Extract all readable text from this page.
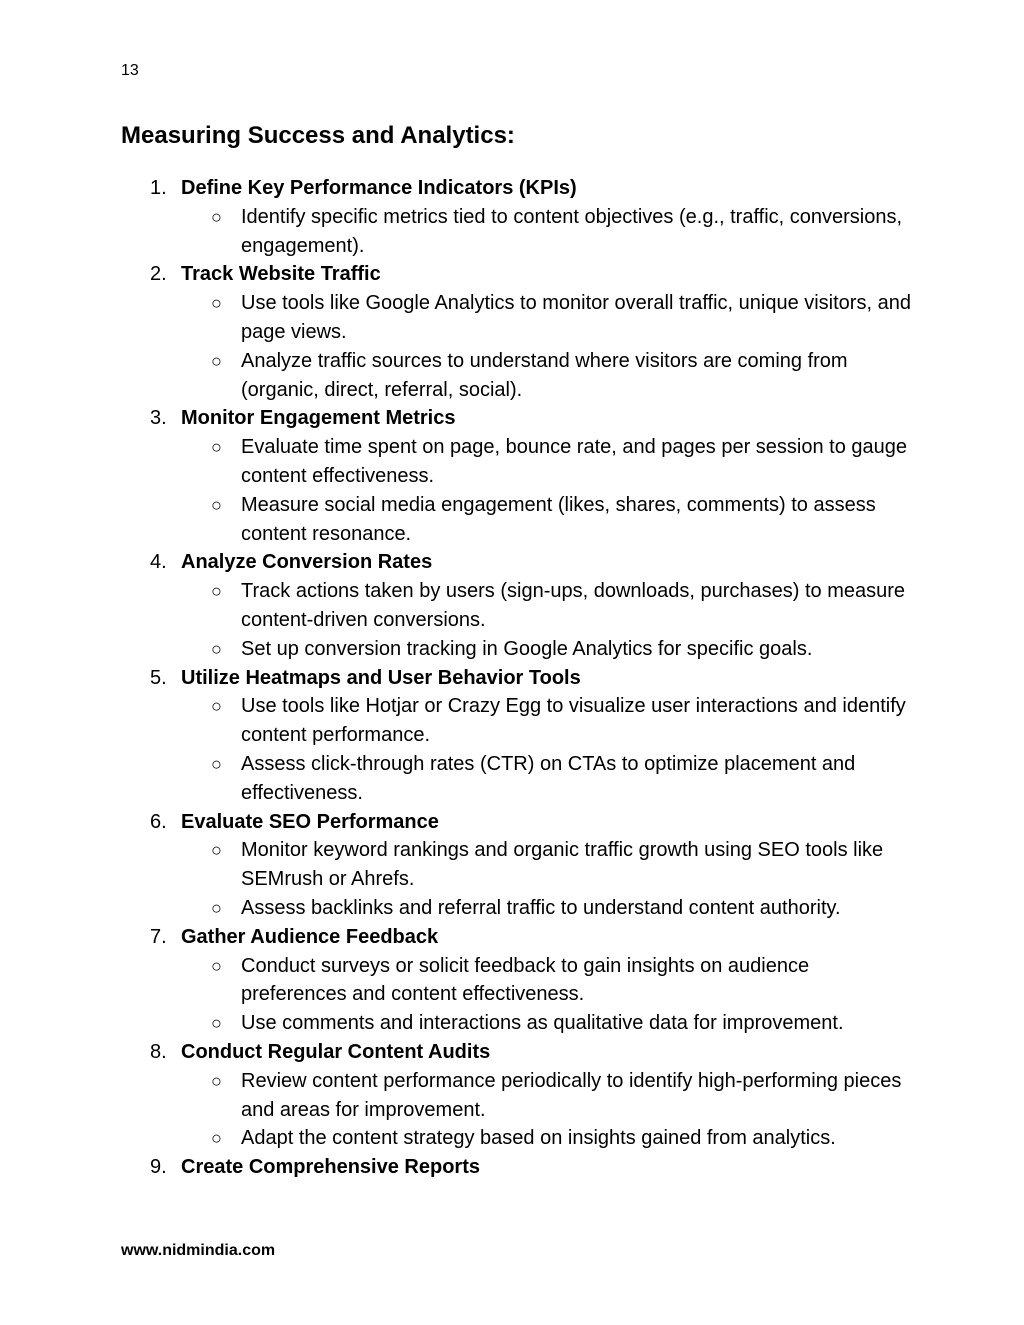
13
Measuring Success and Analytics:
1. Define Key Performance Indicators (KPIs)
○ Identify specific metrics tied to content objectives (e.g., traffic, conversions, engagement).
2. Track Website Traffic
○ Use tools like Google Analytics to monitor overall traffic, unique visitors, and page views.
○ Analyze traffic sources to understand where visitors are coming from (organic, direct, referral, social).
3. Monitor Engagement Metrics
○ Evaluate time spent on page, bounce rate, and pages per session to gauge content effectiveness.
○ Measure social media engagement (likes, shares, comments) to assess content resonance.
4. Analyze Conversion Rates
○ Track actions taken by users (sign-ups, downloads, purchases) to measure content-driven conversions.
○ Set up conversion tracking in Google Analytics for specific goals.
5. Utilize Heatmaps and User Behavior Tools
○ Use tools like Hotjar or Crazy Egg to visualize user interactions and identify content performance.
○ Assess click-through rates (CTR) on CTAs to optimize placement and effectiveness.
6. Evaluate SEO Performance
○ Monitor keyword rankings and organic traffic growth using SEO tools like SEMrush or Ahrefs.
○ Assess backlinks and referral traffic to understand content authority.
7. Gather Audience Feedback
○ Conduct surveys or solicit feedback to gain insights on audience preferences and content effectiveness.
○ Use comments and interactions as qualitative data for improvement.
8. Conduct Regular Content Audits
○ Review content performance periodically to identify high-performing pieces and areas for improvement.
○ Adapt the content strategy based on insights gained from analytics.
9. Create Comprehensive Reports
www.nidmindia.com
